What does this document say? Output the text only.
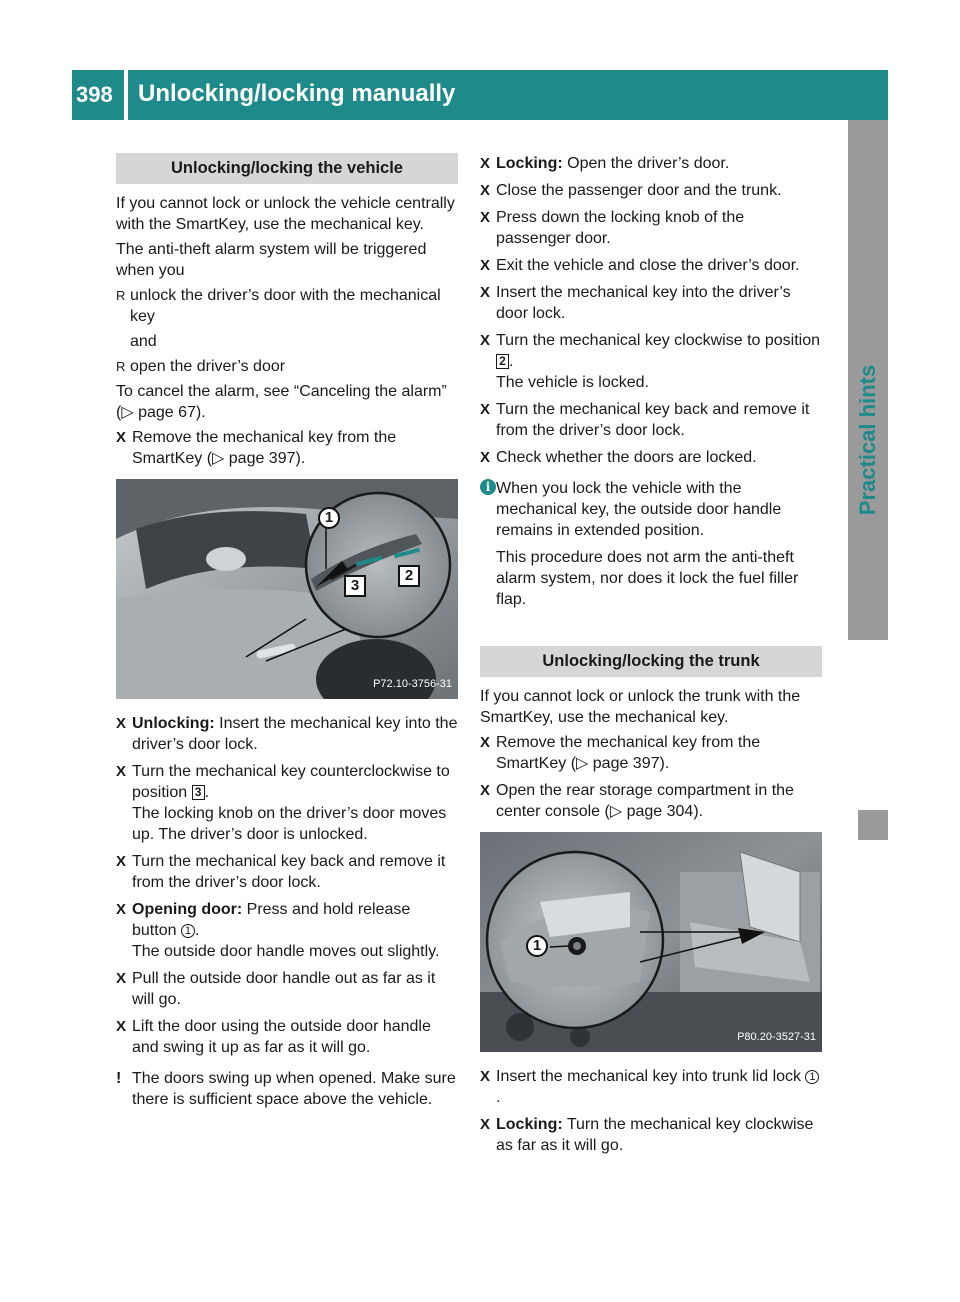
398	Unlocking/locking manually
Practical hints
Unlocking/locking the vehicle

If you cannot lock or unlock the vehicle centrally with the SmartKey, use the mechanical key.

The anti-theft alarm system will be triggered when you

R unlock the driver’s door with the mechanical key
and
R open the driver’s door

To cancel the alarm, see “Canceling the alarm” (▷ page 67).

X Remove the mechanical key from the SmartKey (▷ page 397).
1
3
2
P72.10-3756-31
X Unlocking: Insert the mechanical key into the driver’s door lock.
X Turn the mechanical key counterclockwise to position 3 .
The locking knob on the driver’s door moves up. The driver’s door is unlocked.
X Turn the mechanical key back and remove it from the driver’s door lock.
X Opening door: Press and hold release button 1 .
The outside door handle moves out slightly.
X Pull the outside door handle out as far as it will go.
X Lift the door using the outside door handle and swing it up as far as it will go.
! The doors swing up when opened. Make sure there is sufficient space above the vehicle.
X Locking: Open the driver’s door.
X Close the passenger door and the trunk.
X Press down the locking knob of the passenger door.
X Exit the vehicle and close the driver’s door.
X Insert the mechanical key into the driver’s door lock.
X Turn the mechanical key clockwise to position 2 .
The vehicle is locked.
X Turn the mechanical key back and remove it from the driver’s door lock.
X Check whether the doors are locked.
i When you lock the vehicle with the mechanical key, the outside door handle remains in extended position.
This procedure does not arm the anti-theft alarm system, nor does it lock the fuel filler flap.
Unlocking/locking the trunk

If you cannot lock or unlock the trunk with the SmartKey, use the mechanical key.

X Remove the mechanical key from the SmartKey (▷ page 397).
X Open the rear storage compartment in the center console (▷ page 304).
1
P80.20-3527-31
X Insert the mechanical key into trunk lid lock 1.
X Locking: Turn the mechanical key clockwise as far as it will go.
